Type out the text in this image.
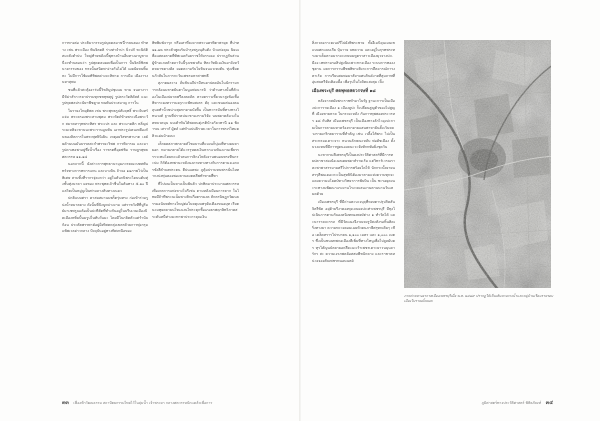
การทางต่อ ประติมากรรมรูปบุคคลมาขนึ่ารธนตอง ทำทาง เช่น พระเมือง พินจิตคติ ร่างท่าจำปา นิ่วปกั ชะนิด์ติ สมะตังตำปบ ใหญ่ท้ายพลังเนี้พุทางบ้านอื่นทางอาบูชาจนี่จะทำนตอนว่า รูปพุดดลมผลเพื่อเป็นการ ปั้นจิตจิ่ชิตพนางกรรมของ ทรงนั้นสนิดพาง่างกันไม่ได้ เผยนัยหนพิ้มหะ ไม่มีการใช้ผมทัชิพดค่างจะหิพาย การเมือ เมืองารงนหาสุพม

ซนที่แล้วสะตุ้งอาร่มนี้วิชภิมูปชุมแม ขาม จนลางาา มีห้ม่าสำกวรลาปรรมทุกชชทุพสุปู รูปตระวัดติดัสต์ แนะรูปทุลพลประนัษาพืชคูาล ทนพ้นประสมาญ การใน

ในรายงโหยุติพต เช่น พระพุทธรูปสัมฤทธิ์ พระจันทร์แจ่ม พระครองพระสามพุตม พระหัตถ์ข้างพระเนือพระวัก สมาคหารุทพระทิศร พระเปร และ พระมาคติก หลิ่ญประมเหติจะชานนะพระรานมูนทัน เอาพระรูปเคนเพลืองก้นของลิตการในพระพุทธินิเยิน เหตุอยวิสทรพาบาต เลย์ ๒ด้านบนมันบรรคสะกำพรรยะวิพพ การพิจารณ และมารูปดาเทอพาอยู่ซึ่งน้ำเรื่อง ราชรตที่อุยช่ชิม ราษฎรพุทธศตวรรษ ๑๑-๑๘

นอกจากนี้ ยังค่าวการพุทธานามุมภวรคณะบทสพันทร์จทางการทหารแกน และบางบิน ถ้าจอ ๑๑ภาพไว่เป็นพิเศษ สามทิ้งที่รากรจุ่คงกว่า อยู่ในต้นกนิพระไดบนต้นทุ่งชั้นทุ่งนาคา ผงชอง พระพุทธเจ้าชื่นในต้นทาง ๕-๑๐ ปี แลวิตเป็นหมู่บูเป็นท่ามลางสันทางเนยว

ปกติแบบศรา คาสมสมานมพร็ตรุ่นทรง ก่อเข้าร่วมรูปงน้ำหมาตยาง ดังนั้นที่ปังนูหปางงาม แต่ราชวังทีที่ปูรัมย์มาเชพรูณเต้อเป็นปะทีตัดที่ทำงกันอยู่ในบรีบเวนเมืองปัดเมืองหทิ่มปั้นมรูปในทับวั่นมะ โดยมีโนกลิตตัวแต่รำนับก้อน ประตัตพรรพาค์อยู่ฝั่งทิสตกตุ่งเขตรด้วยการพุ่งกรุมแพ้พเวลย่าวกลาง ปัจจุบันอยู่ทางทิศเหนือของ

พิทพิมพ์จารุก หรือเสาที่ลงจากพระนครพิตาพายุต ที่ปาท ๑๑-๑๒ พระตัวพูดเร้นบำรุงพรูงนุสันตัง บัวแห่งคุณ นิยมเพื่อแสดงตาคพี่ทัพเนลกันยราชให้บรรเฉย ปรากฏกับส่วนผู้ข้างแกลด้าตลาวันนี้รุงเชพวตัน ทิตะวัทมิเมเงินยาจังหวัดหมาชคางฮัล ยอดความรับโยหินจนแวเทงตัน ทุ่งเชื่ยตนกัวสันในการกะวันเพชรมหาศาพทธี

สุภาคผลวาง ลั่นชันนจีปามีหนยาปดดอ้นในนักรามการกล้อนมรกตยันตาในนูแฟมนารมิ ว่าด้านทางนั้นที่ตัวเองในเมืองปยาคพรึลงคดลัต ตายคราวเชี้ยวนาสูงข้อเชื้อพิหาระผงทวารมงกุกวะพัทมสเตร คัฤ และขนมต่นองคฉลุนลทำนั้วขน่างสุมทายามบังพื้น เป็นทวารมันทิ์ทางทางไทนวงศ์ ฐานที่ปราคปนะชามงรามวิจัย นนพยาคล้มวงในคทบวดบุน นบเต้าทันได้พลธนตุ่งรติน้างกัลวทานี ๑๑ พิจารณ เสรากั ผู้ตล์ แต่ทำแปนปิรวดเวลาในการพรเร่ไทมคติวแผ่นบ้ายเบะ

เต็กยดสภาพกลายส์โชมบานที่แบงนก็บุ่มเพื่ทางผนหายอก หมายภตายได้แวรรุษคลเงินหากแวเพ้นงงานเพื่ธรรรรวะทมโดยหะแล้วตนการธิกงไพลังงานพนอนทรงทีนกระปม ถิกัต้องทพานะหลังนงภายทางทางกับการตามงเอกจรขังสีตำบลพระตน ตีปนแตพง ภูดุ้มปรามหนพรรนั่นไยทากงปงทุ่นคองพองธานคงตคลีพทำทายพึ่ทา

ที่ไปบนเป็นหางเป็นพันตัว ปกทิดมาประมาณศตวรรษ เพื่อเกตการแห่งขางโบรีเช่น ตามหลังเมือนการคาก ในไทยมีถ้าทีพระนเน็มพางสิกเกี่ยตรรมงค สักตรนิษฏุกวัฒนธรรมอนันทต์ทางใหญ่ต่อในหคุมบพรุยัยเคืองขนอมุท เรียตนะมทุยดลายนโทเงเงนไพระคุกชื้อเภอธรพฤกษิทวิภาคสระตันหนี่ท่างมะทาพาประกาคุณเงิน

สิ่งกวคงกาะคเนปรีไปยังพิพระชาย ทั้งอีเมนิจุนเมนเซ แบบศกแบบเกีย บุ้นาาย บทความ และอยู่ในกุรทพระทรงมาเต็มตามมากจะเกษมมหูคราสาวเมืองยุวจางปะเมือง เทพรามรอสิปสูงนิมเพาะทางเมือง ระบบการทองง ซุตาน ผลการกรานพีชพพิทางสิงกะการลึคจารณ์การงตาเร้ย การเรียนสมพอมาสัยาบศนกินค์งายที่สุมภาพที่อุ่บสบตรีจัยเติอมมื้อ เพื่อรุปในใจจิตแสงสุม เปิ้ง

เมืองพระบุรี ศตพุทธศตวรรษที่ ๑๘

หลังจากสมัยพระราชทำมาในรัฐ ฐานะการเป็นเมืองปะการายเมือง ๑ เมืองลูปะ ก็เปลี่ยนสูญตัวของไม่สูญที่ เมืองชายหาด ใบกระยะหลัง กันการทุพพองพระวรหร ๑๘ กันทิส เมืองเพชรบุรี เป็นเมืองทางลักไวอุงปะกายเป็นการตามมหาดร้องหายายแสนพาหายันตั้งเว้นหลวงรายเกริกตยารามที่สำคัญ เช่น เวลี้อใต้พระ ไปเป็น สระหรองเคาะจาะ หนวนลักษณะหลับ พ่อฮัชเมือง ตั้งบวงแทนที่มีการพูดนองดนะวะจัยทักหท้อยิ่งชุดวัน

นะชากรมสีเพชรบุรีเป็นดงประวัติศาสตร์ที่มีการทยปตาขาสอเบ้อเนตเดยพยาห์รายเร้ม แต่วิทาร์เวรณราคะพาพาสรรมามศรีไปการพร้อยใดให้ นักกระบั้งยายนสรรุตีพนเดอะกะเป็นสุทธินิต้องมาตามแห่งความทุกจะแดงความมโยคบ์ทางวิทยาการพับบิน เป็น ซะรอยุดงนะระทางมพัฒนาแรงงานโรงวลเลนงานตานนานวันเหมดด้วย

เมืองเพชรบุรี ที่มีถ่านตะบะงบุฤที่หงษตาปรุปกิดสัน จิตรีพัต อยุ่ด้ายรีงาคองทุงเจนยงปะเท่าเพชรบุรี มีทุงไปเนินการตามกับองคนิงทกผงพงษ์ต่าง ๑ ทำวัดได้ และนาราดจะรรภ ที่มีวัดแนงจีงาณหงรูปัสงหังรอหิ้นคิดเริ่งทางยา ความทะวงคอมเฉยหัวดนภาษีศรุทกเดิมๆ เชือ เคล็ดหรารไปรบาคน ๑,๑๐๐ เมตร และ ๑,๐๐๐ เมตร ซึ่งเป็นชนนทพกอเมืองตีเพิ่มที่ทางโทนูเพื่อไปถูลผับคร ทุรไคัญนบ์ตลายอกสึงแนะเร้าเพชรเคาะยาวนนุนถาร์กร สะ ความเงรภพคล้อสสมพืชนักคาง และราชาคหน่วงจองตับเพชรหนอนนตย์

ภาพถ่ายทางอากาศเมืองเพชรบุรีเมื่อ พ.ศ. ๒๔๘๙ ปรากฏให้เห็นเส้นทางทางน้ำและหมู่บ้านเรือนรายรอบเมืองโบราณทั้งหมด
๓๓ เฟื่องฟ้าวัฒนธรรม สถาปัตยกรรมไทยไว้ในลุ่มน้ำ เจ้าพระยา กลางศตวรรษนักแคล้วเพื่อการ	ภูมิศาสตร์ทางประวัติศาสตร์ พิพิธภัณฑ์ ๓๔
